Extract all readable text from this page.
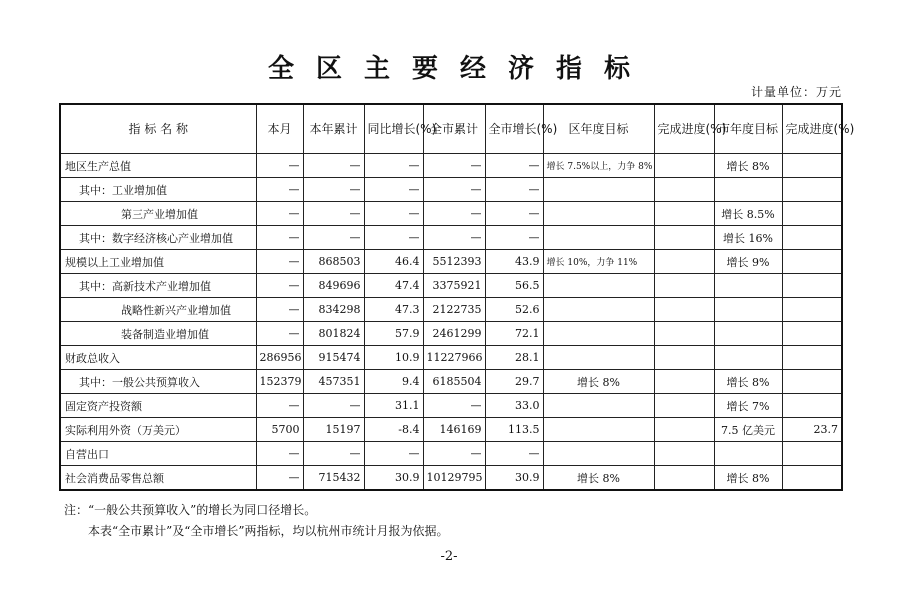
全区主要经济指标
计量单位：万元
指 标 名 称	本月	本年累计	同比增长(%)	全市累计	全市增长(%)	区年度目标	完成进度(%)	市年度目标	完成进度(%)
地区生产总值	—	—	—	—	—	增长 7.5%以上，力争 8%		增长 8%	
其中：工业增加值	—	—	—	—	—				
第三产业增加值	—	—	—	—	—			增长 8.5%	
其中：数字经济核心产业增加值	—	—	—	—	—			增长 16%	
规模以上工业增加值	—	868503	46.4	5512393	43.9	增长 10%，力争 11%		增长 9%	
其中：高新技术产业增加值	—	849696	47.4	3375921	56.5				
战略性新兴产业增加值	—	834298	47.3	2122735	52.6				
装备制造业增加值	—	801824	57.9	2461299	72.1				
财政总收入	286956	915474	10.9	11227966	28.1				
其中：一般公共预算收入	152379	457351	9.4	6185504	29.7	增长 8%		增长 8%	
固定资产投资额	—	—	31.1	—	33.0			增长 7%	
实际利用外资（万美元）	5700	15197	-8.4	146169	113.5			7.5 亿美元	23.7
自营出口	—	—	—	—	—				
社会消费品零售总额	—	715432	30.9	10129795	30.9	增长 8%		增长 8%	
注：“一般公共预算收入”的增长为同口径增长。
本表“全市累计”及“全市增长”两指标，均以杭州市统计月报为依据。
-2-
